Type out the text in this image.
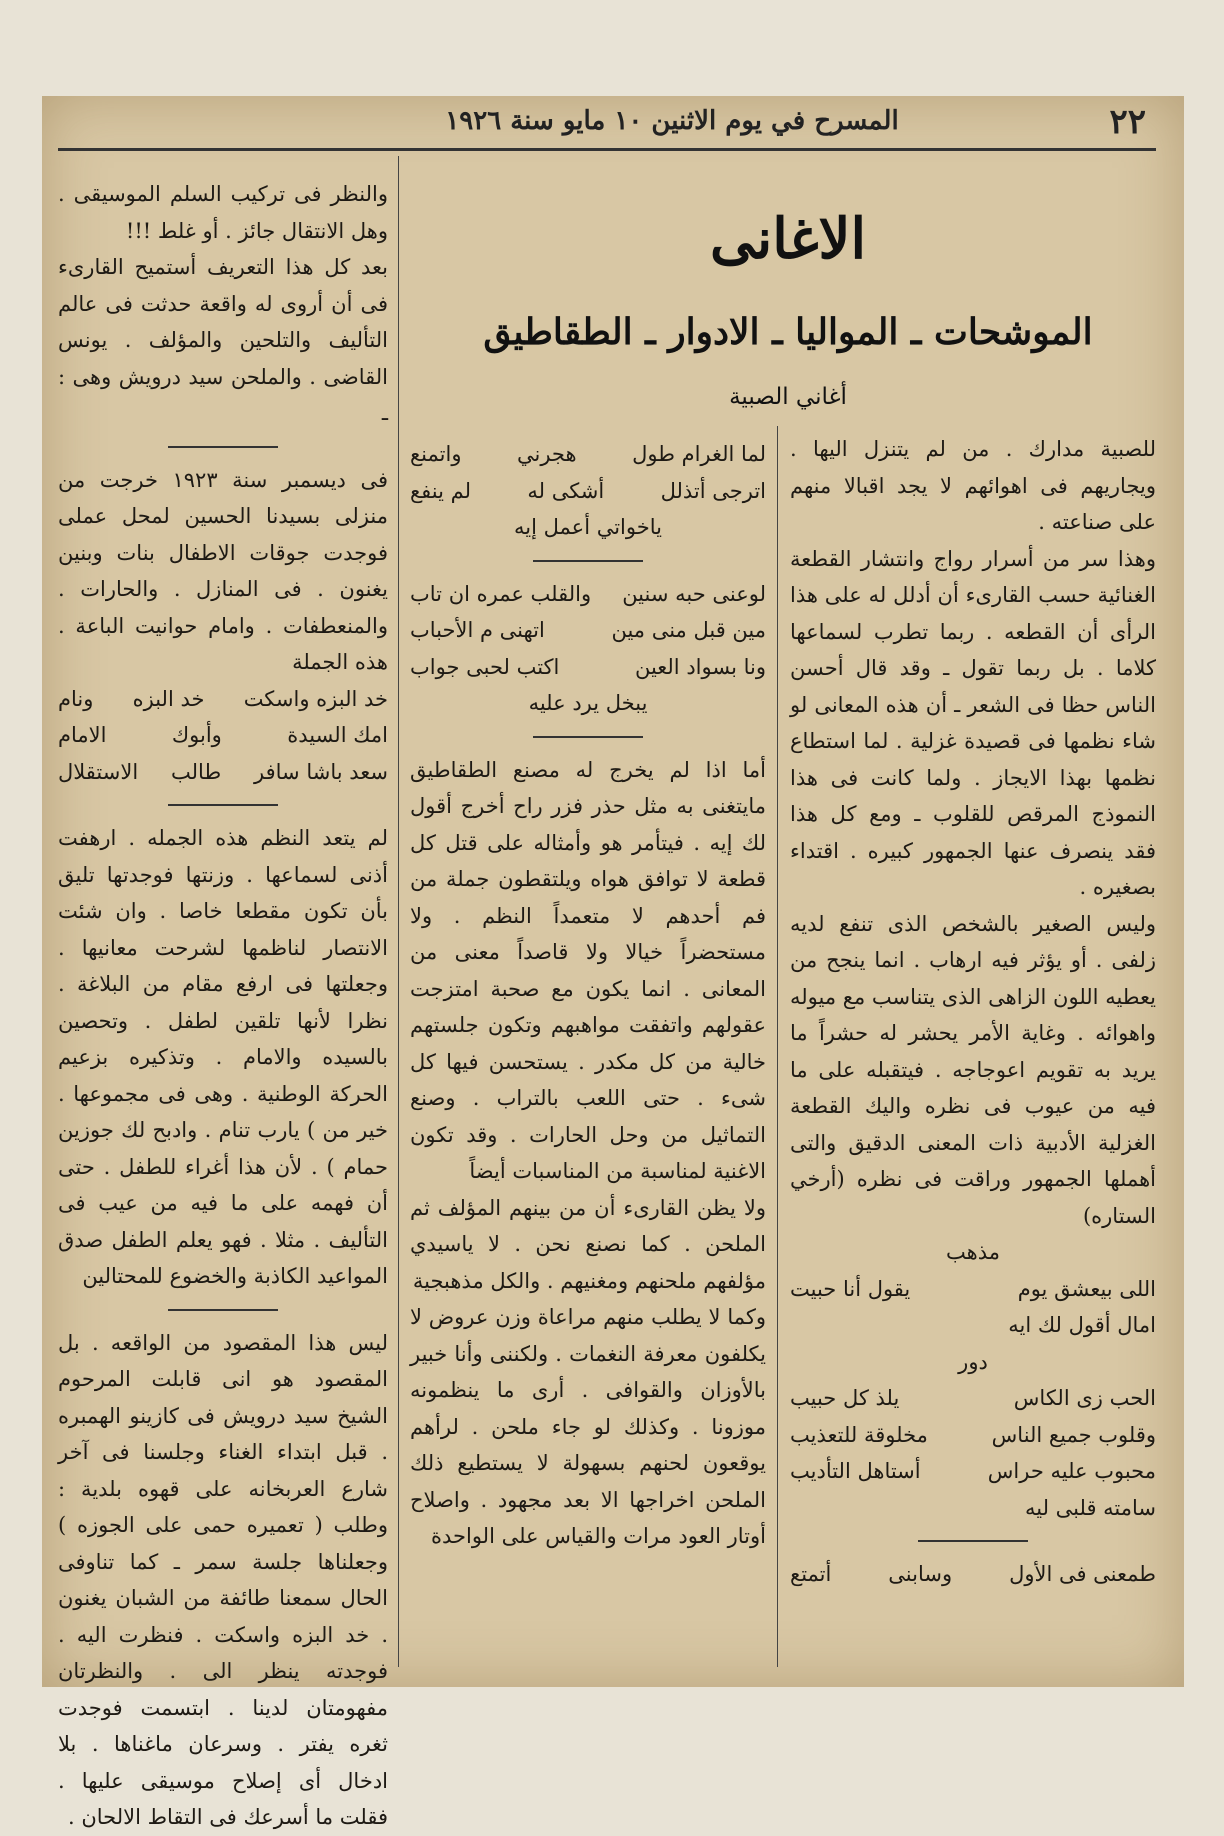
٢٢
المسرح في يوم الاثنين ١٠ مايو سنة ١٩٢٦
الاغانى
الموشحات ـ المواليا ـ الادوار ـ الطقاطيق
أغاني الصبية

للصبية مدارك . من لم يتنزل اليها . ويجاريهم فى اهوائهم لا يجد اقبالا منهم على صناعته .

وهذا سر من أسرار رواج وانتشار القطعة الغنائية حسب القارىء أن أدلل له على هذا الرأى أن القطعه . ربما تطرب لسماعها كلاما . بل ربما تقول ـ وقد قال أحسن الناس حظا فى الشعر ـ أن هذه المعانى لو شاء نظمها فى قصيدة غزلية . لما استطاع نظمها بهذا الايجاز . ولما كانت فى هذا النموذج المرقص للقلوب ـ ومع كل هذا فقد ينصرف عنها الجمهور كبيره . اقتداء بصغيره .

وليس الصغير بالشخص الذى تنفع لديه زلفى . أو يؤثر فيه ارهاب . انما ينجح من يعطيه اللون الزاهى الذى يتناسب مع ميوله واهوائه . وغاية الأمر يحشر له حشراً ما يريد به تقويم اعوجاجه . فيتقبله على ما فيه من عيوب فى نظره واليك القطعة الغزلية الأدبية ذات المعنى الدقيق والتى أهملها الجمهور وراقت فى نظره (أرخي الستاره)

مذهب

اللى بيعشق يوم
يقول أنا حبيت
امال أقول لك ايه

دور

الحب زى الكاس
يلذ كل حبيب
وقلوب جميع الناس
مخلوقة للتعذيب
محبوب عليه حراس
أستاهل التأديب
سامته قلبى ليه
طمعنى فى الأول
وسابنى
أتمتع
لما الغرام طول
هجرني
واتمنع
اترجى أتذلل
أشكى له
لم ينفع

ياخواتي أعمل إيه

لوعنى حبه سنين
والقلب عمره ان تاب
مين قبل منى مين
اتهنى م الأحباب
ونا بسواد العين
اكتب لحبى جواب

يبخل يرد عليه

أما اذا لم يخرج له مصنع الطقاطيق مايتغنى به مثل حذر فزر راح أخرج أقول لك إيه . فيتأمر هو وأمثاله على قتل كل قطعة لا توافق هواه ويلتقطون جملة من فم أحدهم لا متعمداً النظم . ولا مستحضراً خيالا ولا قاصداً معنى من المعانى . انما يكون مع صحبة امتزجت عقولهم واتفقت مواهبهم وتكون جلستهم خالية من كل مكدر . يستحسن فيها كل شىء . حتى اللعب بالتراب . وصنع التماثيل من وحل الحارات . وقد تكون الاغنية لمناسبة من المناسبات أيضاً

ولا يظن القارىء أن من بينهم المؤلف ثم الملحن . كما نصنع نحن . لا ياسيدي مؤلفهم ملحنهم ومغنيهم . والكل مذهبجية

وكما لا يطلب منهم مراعاة وزن عروض لا يكلفون معرفة النغمات . ولكننى وأنا خبير بالأوزان والقوافى . أرى ما ينظمونه موزونا . وكذلك لو جاء ملحن . لرأهم يوقعون لحنهم بسهولة لا يستطيع ذلك الملحن اخراجها الا بعد مجهود . واصلاح أوتار العود مرات والقياس على الواحدة

والنظر فى تركيب السلم الموسيقى . وهل الانتقال جائز . أو غلط !!!

بعد كل هذا التعريف أستميح القارىء فى أن أروى له واقعة حدثت فى عالم التأليف والتلحين والمؤلف . يونس القاضى . والملحن سيد درويش وهى : ـ

فى ديسمبر سنة ١٩٢٣ خرجت من منزلى بسيدنا الحسين لمحل عملى فوجدت جوقات الاطفال بنات وبنين يغنون . فى المنازل . والحارات . والمنعطفات . وامام حوانيت الباعة . هذه الجملة

خد البزه واسكت
خد البزه
ونام
امك السيدة
وأبوك
الامام
سعد باشا سافر
طالب
الاستقلال

لم يتعد النظم هذه الجمله . ارهفت أذنى لسماعها . وزنتها فوجدتها تليق بأن تكون مقطعا خاصا . وان شئت الانتصار لناظمها لشرحت معانيها . وجعلتها فى ارفع مقام من البلاغة . نظرا لأنها تلقين لطفل . وتحصين بالسيده والامام . وتذكيره بزعيم الحركة الوطنية . وهى فى مجموعها . خير من ) يارب تنام . وادبح لك جوزين حمام ) . لأن هذا أغراء للطفل . حتى أن فهمه على ما فيه من عيب فى التأليف . مثلا . فهو يعلم الطفل صدق المواعيد الكاذبة والخضوع للمحتالين

ليس هذا المقصود من الواقعه . بل المقصود هو انى قابلت المرحوم الشيخ سيد درويش فى كازينو الهمبره . قبل ابتداء الغناء وجلسنا فى آخر شارع العربخانه على قهوه بلدية : وطلب ( تعميره حمى على الجوزه ) وجعلناها جلسة سمر ـ كما تناوفى الحال سمعنا طائفة من الشبان يغنون . خد البزه واسكت . فنظرت اليه . فوجدته ينظر الى . والنظرتان مفهومتان لدينا . ابتسمت فوجدت ثغره يفتر . وسرعان ماغناها . بلا ادخال أى إصلاح موسيقى عليها . فقلت ما أسرعك فى التقاط الالحان .
